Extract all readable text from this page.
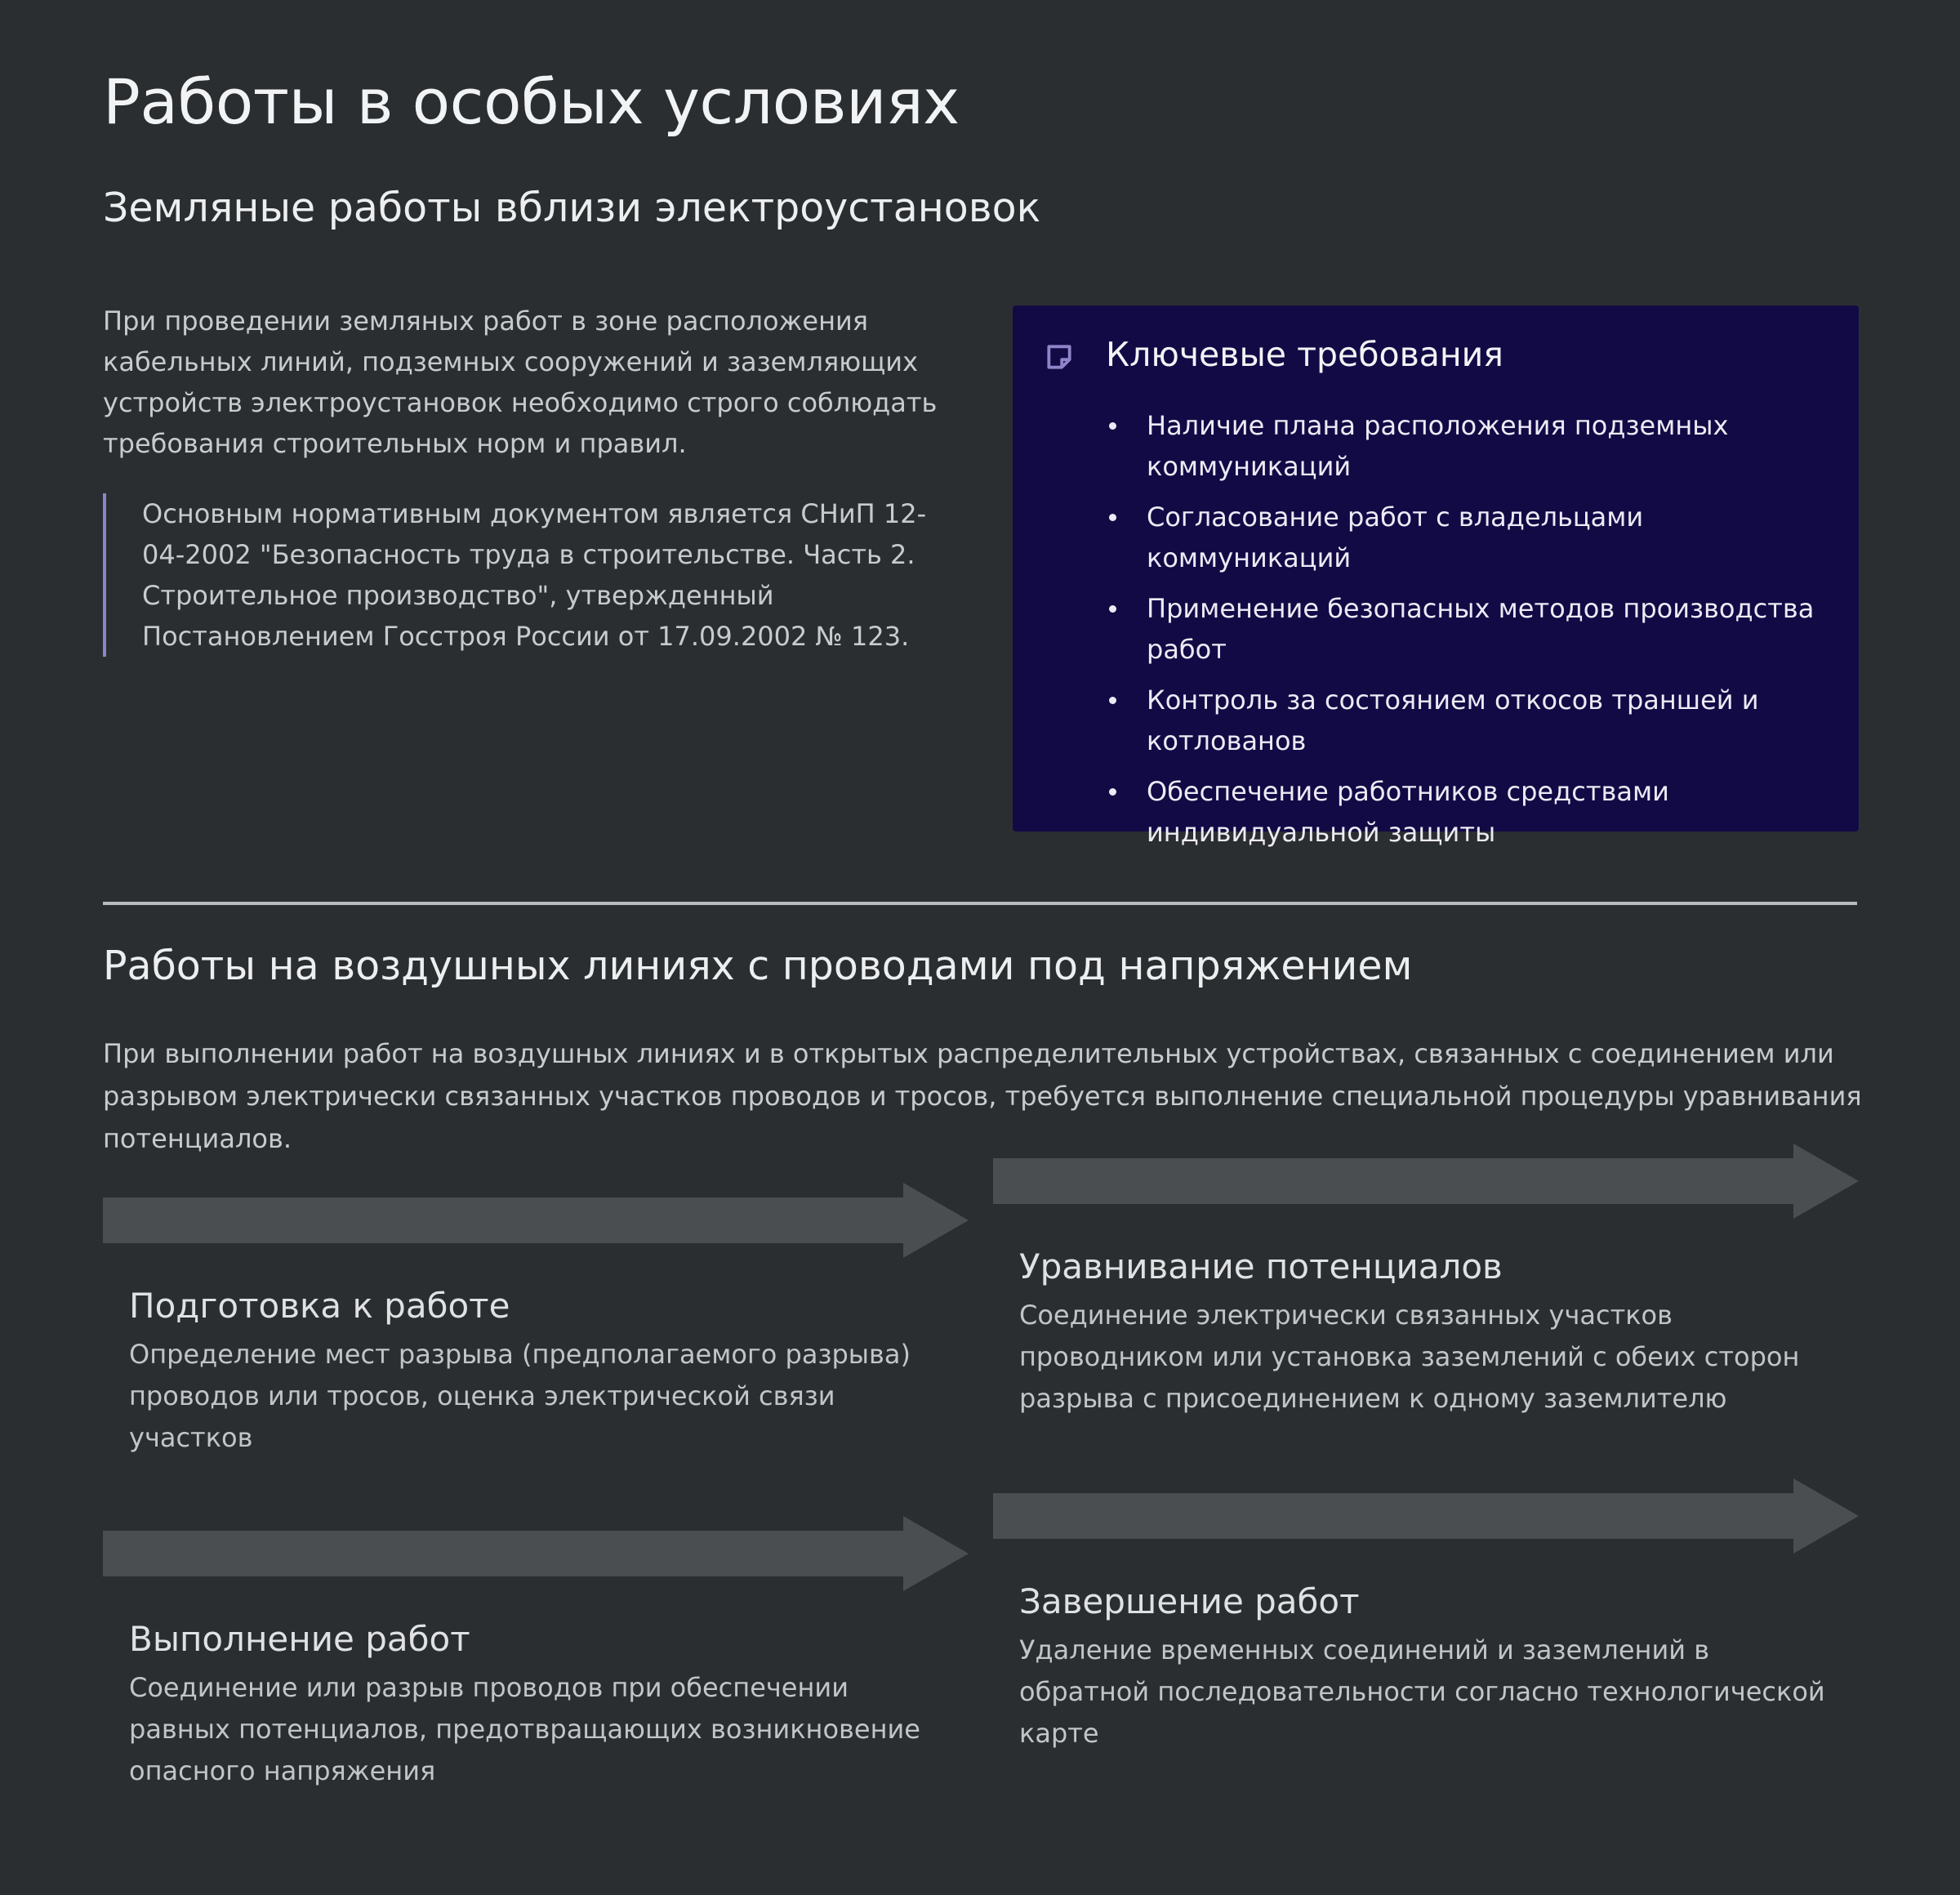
Работы в особых условиях
Земляные работы вблизи электроустановок

При проведении земляных работ в зоне расположения кабельных линий, подземных сооружений и заземляющих устройств электроустановок необходимо строго соблюдать требования строительных норм и правил.

Основным нормативным документом является СНиП 12-04-2002 "Безопасность труда в строительстве. Часть 2. Строительное производство", утвержденный Постановлением Госстроя России от 17.09.2002 № 123.
Ключевые требования
Наличие плана расположения подземных коммуникаций
Согласование работ с владельцами коммуникаций
Применение безопасных методов производства работ
Контроль за состоянием откосов траншей и котлованов
Обеспечение работников средствами индивидуальной защиты
Работы на воздушных линиях с проводами под напряжением

При выполнении работ на воздушных линиях и в открытых распределительных устройствах, связанных с соединением или разрывом электрически связанных участков проводов и тросов, требуется выполнение специальной процедуры уравнивания потенциалов.

Подготовка к работе

Определение мест разрыва (предполагаемого разрыва) проводов или тросов, оценка электрической связи участков

Уравнивание потенциалов

Соединение электрически связанных участков проводником или установка заземлений с обеих сторон разрыва с присоединением к одному заземлителю

Выполнение работ

Соединение или разрыв проводов при обеспечении равных потенциалов, предотвращающих возникновение опасного напряжения

Завершение работ

Удаление временных соединений и заземлений в обратной последовательности согласно технологической карте
